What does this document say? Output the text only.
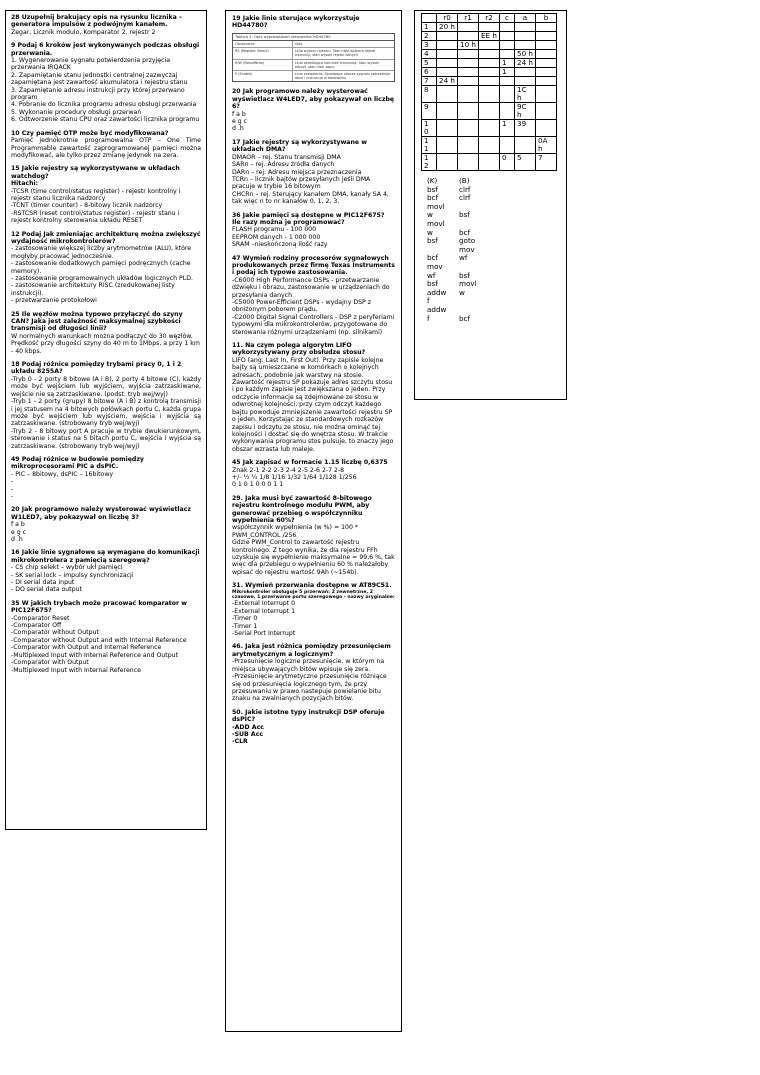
28 Uzupełnij brakujący opis na rysunku licznika – generatora impulsów z podwójnym kanałem.
Zegar, Licznik modulo, Komparator 2, rejestr 2
9 Podaj 6 kroków jest wykonywanych podczas obsługi przerwania.
1. Wygenerowanie sygnału potwierdzenia przyjęcia przerwania IRQACK
2. Zapamiętanie stanu jednostki centralnej zazwyczaj zapamiętana jest zawartość akumulatora i rejestru stanu
3. Zapamiętanie adresu instrukcji przy której przerwano program
4. Pobranie do licznika programu adresu obsługi przerwania
5. Wykonanie procedury obsługi przerwań
6. Odtworzenie stanu CPU oraz zawartości licznika programu
10 Czy pamięć OTP może być modyfikowana?
Pamięć jednokrotnie programowalna OTP – One Time Programmable zawartość zaprogramowanej pamięci można modyfikować, ale tylko przez zmianę jedynek na zera.
15 Jakie rejestry są wykorzystywane w układach watchdog?
Hitachi:
-TCSR (time control/status register) - rejestr kontrolny i rejestr stanu licznika nadzorcy
-TCNT (timer counter) - 8-bitowy licznik nadzorcy
-RSTCSR (reset control/status register) - rejestr stanu i rejestr kontrolny sterowania układu RESET
12 Podaj Jak zmieniając architekturę można zwiększyć wydajność mikrokontrolerów?
- zastosowanie większej liczby arytmometrów (ALU), które mogłyby pracować jednocześnie.
- zastosowanie dodatkowych pamięci podręcznych (cache memory).
- zastosowanie programowalnych układów logicznych PLD.
- zastosowanie architektury RISC (zredukowanej listy instrukcji).
- przetwarzanie protokołowi
25 Ile węzłów można typowo przyłączyć do szyny CAN? Jaka jest zależność maksymalnej szybkości transmisji od długości linii?
W normalnych warunkach można podłączyć do 30 węzłów. Prędkość przy długości szyny do 40 m to 1Mbps, a przy 1 km - 40 kbps.
18 Podaj różnice pomiędzy trybami pracy 0, 1 i 2 układu 8255A?
-Tryb 0 - 2 porty 8 bitowe (A i B), 2 porty 4 bitowe (C), każdy może być wejściem lub wyjściem, wyjścia zatrzaskiwane, wejście nie są zatrzaskiwane. (podst. tryb wej/wyj)
-Tryb 1 - 2 porty (grupy) 8 bitowe (A i B) z kontrolą transmisji i jej statusem na 4 bitowych połówkach portu C, każda grupa może być wejściem lub wyjściem, wejścia i wyjścia są zatrzaskiwane. (strobowany tryb wej/wyj)
-Tryb 2 - 8 bitowy port A pracuje w trybie dwukierunkowym, sterowanie i status na 5 bitach portu C, wejścia i wyjścia są zatrzaskiwane. (strobowany tryb wej/wyj)
49 Podaj różnice w budowie pomiędzy mikroprocesorami PIC a dsPIC.
- PIC – 8bitowy, dsPIC – 16bitowy
-
-
-
20 Jak programowo należy wysterować wyświetlacz W1LED7, aby pokazywał on liczbę 3?
f a b
e g c
d .h
16 Jakie linie sygnałowe są wymagane do komunikacji mikrokontrolera z pamięcią szeregową?
- CS chip selekt – wybór ukł pamięci
- SK serial lock – impulsy synchronizacji
- DI serial data input
- DO serial data output
35 W jakich trybach może pracować komparator w PIC12F675?
-Comparator Reset
-Comparator Off
-Comparator without Output
-Comparator without Output and with Internal Reference
-Comparator with Output and Internal Reference
-Multiplexed Input with Internal Reference and Output
-Comparator with Output
-Multiplexed Input with Internal Reference
19 Jakie linie sterujące wykorzystuje HD44780?
Tablica 3. Opis wyprowadzeń sterownika HD44780
Oznaczenie	Opis
RS (Register Select)	Linia wyboru rejestru. Stan niski wybiera rejestr instrukcji, stan wysoki rejestr danych.
R/W (Read/Write)	Linia określająca kierunek transmisji. Stan wysoki odczyt, stan niski zapis.
E (Enable)	Linia zezwolenia. Opadające zbocze sygnału zatrzaskuje dane i instrukcje w sterowniku.
20 Jak programowo należy wysterować wyświetlacz W4LED7, aby pokazywał on liczbę 6?
f a b
e g c
d .h
17 Jakie rejestry są wykorzystywane w układach DMA?
DMAOR – rej. Stanu transmisji DMA
SARn – rej. Adresu źródła danych
DARn – rej. Adresu miejsca przeznaczenia
TCRn – licznik bajtów przesyłanych jeśli DMA pracuje w trybie 16 bitowym
CHCRn – rej. Sterujący kanałem DMA, kanały SA 4, tak więc n to nr kanałów 0, 1, 2, 3.
36 Jakie pamięci są dostępne w PIC12F675? Ile razy można je programować?
FLASH programu - 100 000
EEPROM danych - 1 000 000
SRAM –nieskończoną ilość razy
47 Wymień rodziny procesorów sygnałowych produkowanych przez firmę Texas Instruments i podaj ich typowe zastosowania.
-C6000 High Performance DSPs - przetwarzanie dźwięku i obrazu, zastosowanie w urządzeniach do przesyłania danych
-C5000 Power-Efficient DSPs - wydajny DSP z obniżonym poborem prądu.
-C2000 Digital Signal Controllers - DSP z peryferiami typowymi dla mikrokontrolerów, przygotowane do sterowania różnymi urządzeniami (np. silnikami)
11. Na czym polega algorytm LIFO wykorzystywany przy obsłudze stosu?
LIFO (ang. Last In, First Out). Przy zapisie kolejne bajty są umieszczane w komórkach o kolejnych adresach, podobnie jak warstwy na stosie. Zawartość rejestru SP pokazuje adres szczytu stosu i po każdym zapisie jest zwiększana o jeden. Przy odczycie informacje są zdejmowane ze stosu w odwrotnej kolejności, przy czym odczyt każdego bajtu powoduje zmniejszenie zawartości rejestru SP o jeden. Korzystając ze standardowych rozkazów zapisu i odczytu ze stosu, nie można ominąć tej kolejności i dostać się do wnętrza stosu. W trakcie wykonywania programu stos pulsuje, to znaczy jego obszar wzrasta lub maleje.
45 Jak zapisać w formacie 1.15 liczbę 0,6375
Znak 2-1 2-2 2-3 2-4 2-5 2-6 2-7 2-8
+/- ½ ¼ 1/8 1/16 1/32 1/64 1/128 1/256
0 1 0 1 0 0 0 1 1
29. Jaka musi być zawartość 8-bitowego rejestru kontrolnego modułu PWM, aby generować przebieg o współczynniku wypełnienia 60%?
współczynnik wypełnienia (w %) = 100 * PWM_CONTROL /256
Gdzie PWM_Control to zawartość rejestru kontrolnego. Z tego wynika, że dla rejestru FFh uzyskuje się wypełnienie maksymalne = 99,6 %, tak więc dla przebiegu o wypełnieniu 60 % należałoby wpisać do rejestru wartość 9Ah (~154b).
31. Wymień przerwania dostępne w AT89C51.
Mikrokontroler obsługuje 5 przerwań: 2 zewnętrzne, 2 czasowe, 1 przerwanie portu szeregowego - nazwy oryginalne:
-External Interrupt 0
-External Interrupt 1
-Timer 0
-Timer 1
-Serial Port Interrupt
46. Jaka jest różnica pomiędzy przesunięciem arytmetycznym a logicznym?
-Przesunięcie logiczne przesunięcie, w którym na miejsca ubywających bitów wpisuje się zera.
-Przesunięcie arytmetyczne przesunięcie różniące się od przesunięcia logicznego tym, że przy przesuwaniu w prawo nastepuje powielanie bitu znaku na zwalnianych pozycjach bitów.
50. Jakie istotne typy instrukcji DSP oferuje dsPIC?
-ADD Acc
-SUB Acc
-CLR
	r0	r1	r2	c	a	b
1	20 h					
2			EE h			
3		10 h				
4					50 h	
5				1	24 h	
6				1		
7	24 h					
8					1C h	
9					9C h	
1 0				1	39	
1 1						0A h
1 2				0	5	7
(K)	(B)
bsf	clrf
bcf	clrf
movl
w	bsf
movl
w	bcf
bsf	goto
mov
bcf	wf
mov
wf	bsf
bsf	movl
addw	w
f
addw
f	bcf
